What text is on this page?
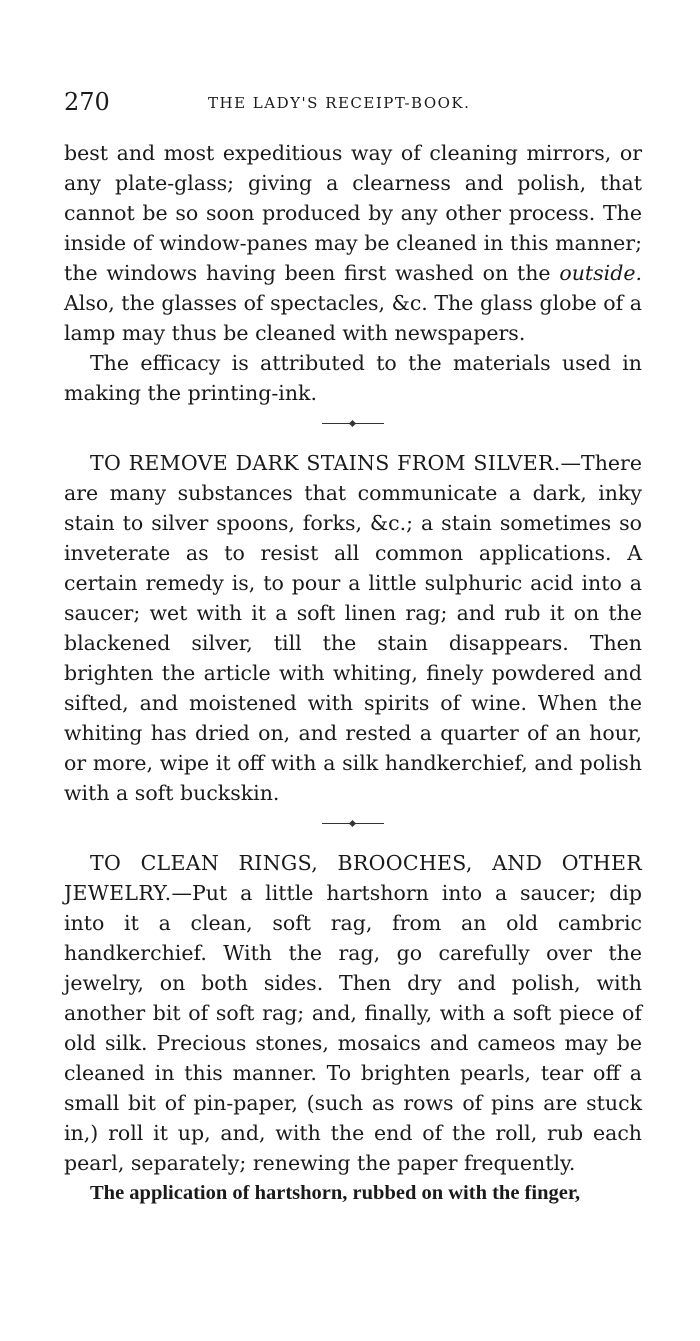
270	THE LADY'S RECEIPT-BOOK.

best and most expeditious way of cleaning mirrors, or any plate-glass; giving a clearness and polish, that cannot be so soon produced by any other process. The inside of window-panes may be cleaned in this manner; the windows having been first washed on the outside. Also, the glasses of spectacles, &c. The glass globe of a lamp may thus be cleaned with newspapers.

The efficacy is attributed to the materials used in making the printing-ink.

TO REMOVE DARK STAINS FROM SILVER.—There are many substances that communicate a dark, inky stain to silver spoons, forks, &c.; a stain sometimes so inveterate as to resist all common applications. A certain remedy is, to pour a little sulphuric acid into a saucer; wet with it a soft linen rag; and rub it on the blackened silver, till the stain disappears. Then brighten the article with whiting, finely powdered and sifted, and moistened with spirits of wine. When the whiting has dried on, and rested a quarter of an hour, or more, wipe it off with a silk handkerchief, and polish with a soft buckskin.

TO CLEAN RINGS, BROOCHES, AND OTHER JEWELRY.—Put a little hartshorn into a saucer; dip into it a clean, soft rag, from an old cambric handkerchief. With the rag, go carefully over the jewelry, on both sides. Then dry and polish, with another bit of soft rag; and, finally, with a soft piece of old silk. Precious stones, mosaics and cameos may be cleaned in this manner. To brighten pearls, tear off a small bit of pin-paper, (such as rows of pins are stuck in,) roll it up, and, with the end of the roll, rub each pearl, separately; renewing the paper frequently.

The application of hartshorn, rubbed on with the finger,
